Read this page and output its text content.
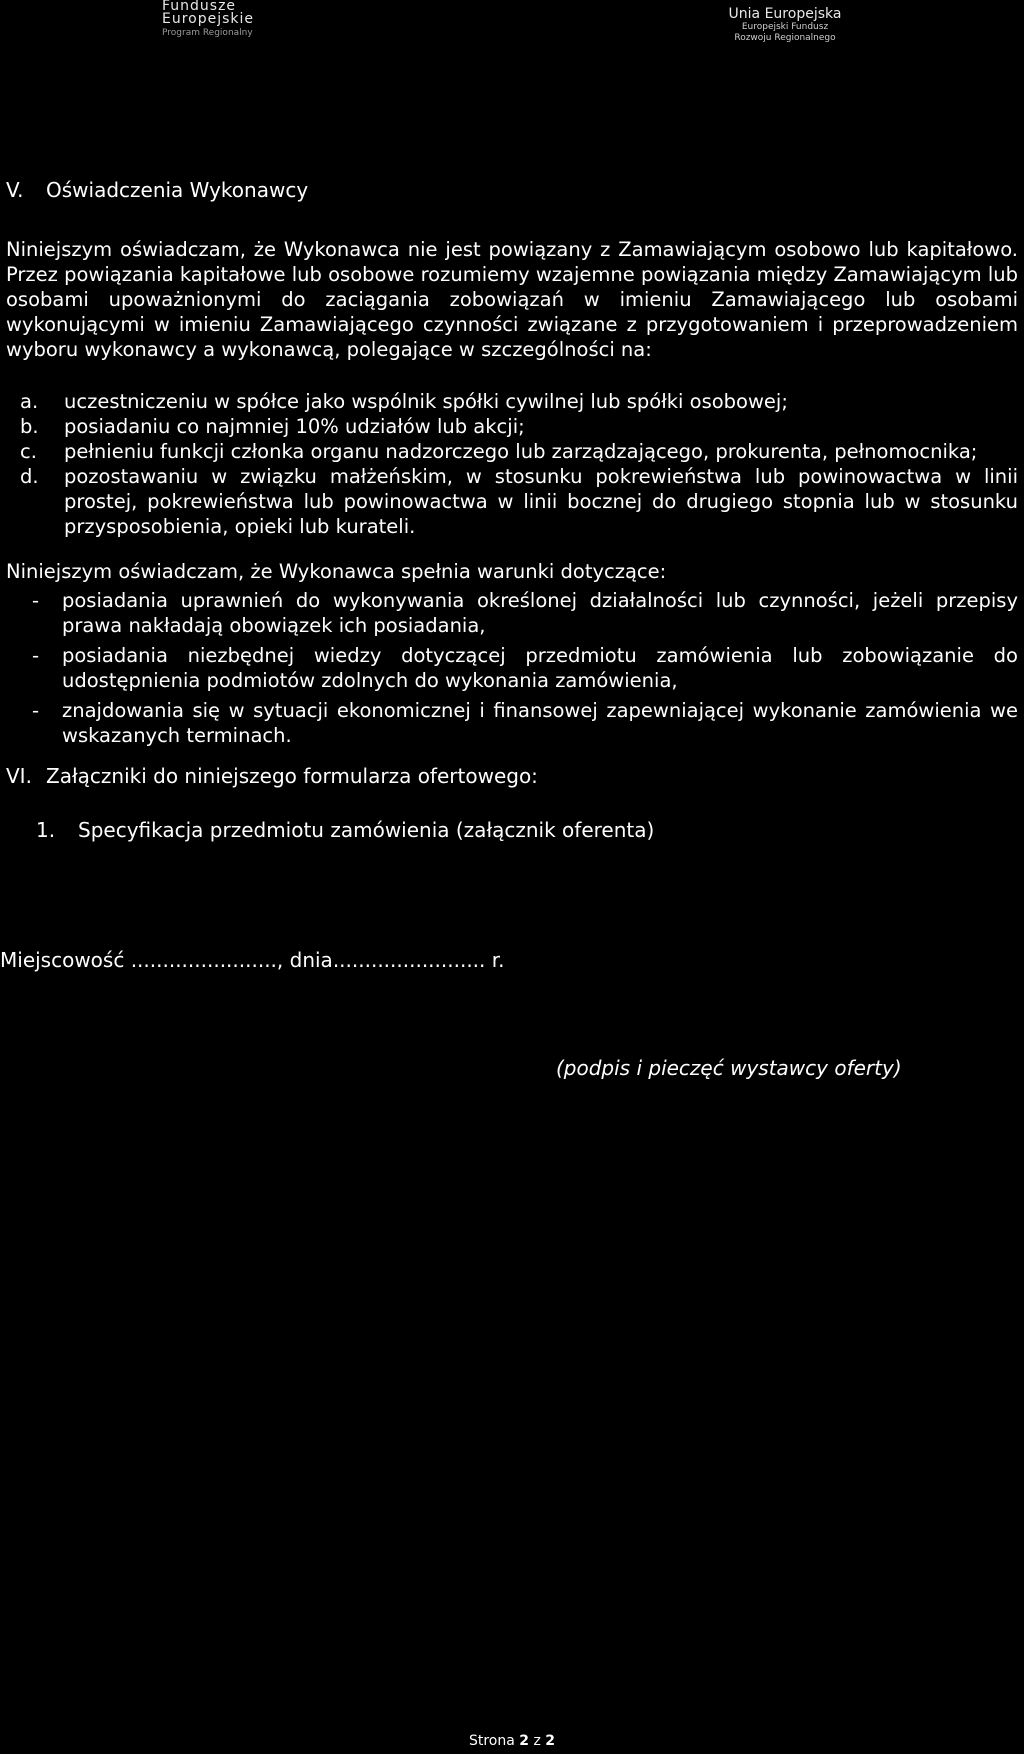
Fundusze
Europejskie
Program Regionalny
Unia Europejska
Europejski Fundusz
Rozwoju Regionalnego
V. Oświadczenia Wykonawcy

Niniejszym oświadczam, że Wykonawca nie jest powiązany z Zamawiającym osobowo lub kapitałowo. Przez powiązania kapitałowe lub osobowe rozumiemy wzajemne powiązania między Zamawiającym lub osobami upoważnionymi do zaciągania zobowiązań w imieniu Zamawiającego lub osobami wykonującymi w imieniu Zamawiającego czynności związane z przygotowaniem i przeprowadzeniem wyboru wykonawcy a wykonawcą, polegające w szczególności na:

a. uczestniczeniu w spółce jako wspólnik spółki cywilnej lub spółki osobowej;
b. posiadaniu co najmniej 10% udziałów lub akcji;
c. pełnieniu funkcji członka organu nadzorczego lub zarządzającego, prokurenta, pełnomocnika;
d. pozostawaniu w związku małżeńskim, w stosunku pokrewieństwa lub powinowactwa w linii prostej, pokrewieństwa lub powinowactwa w linii bocznej do drugiego stopnia lub w stosunku przysposobienia, opieki lub kurateli.

Niniejszym oświadczam, że Wykonawca spełnia warunki dotyczące:

- posiadania uprawnień do wykonywania określonej działalności lub czynności, jeżeli przepisy prawa nakładają obowiązek ich posiadania,
- posiadania niezbędnej wiedzy dotyczącej przedmiotu zamówienia lub zobowiązanie do udostępnienia podmiotów zdolnych do wykonania zamówienia,
- znajdowania się w sytuacji ekonomicznej i finansowej zapewniającej wykonanie zamówienia we wskazanych terminach.
VI. Załączniki do niniejszego formularza ofertowego:
1. Specyfikacja przedmiotu zamówienia (załącznik oferenta)
Miejscowość ......................., dnia........................ r.
(podpis i pieczęć wystawcy oferty)
Strona 2 z 2
